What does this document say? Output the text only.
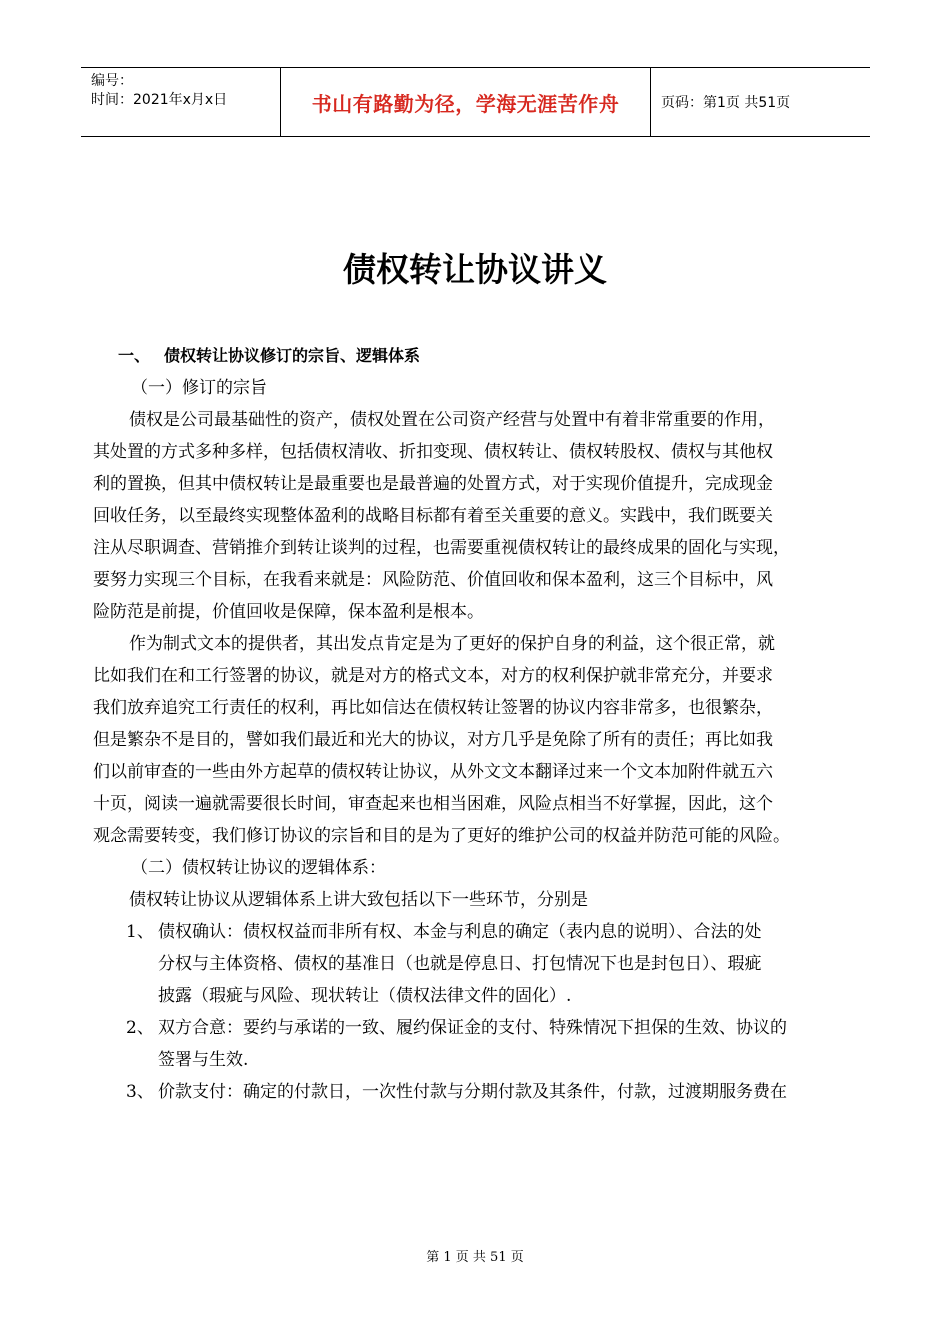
编号：
时间：2021年x月x日	书山有路勤为径，学海无涯苦作舟	页码：第1页 共51页
债权转让协议讲义
一、 债权转让协议修订的宗旨、逻辑体系
（一）修订的宗旨
债权是公司最基础性的资产，债权处置在公司资产经营与处置中有着非常重要的作用，
其处置的方式多种多样，包括债权清收、折扣变现、债权转让、债权转股权、债权与其他权
利的置换，但其中债权转让是最重要也是最普遍的处置方式，对于实现价值提升，完成现金
回收任务，以至最终实现整体盈利的战略目标都有着至关重要的意义。实践中，我们既要关
注从尽职调查、营销推介到转让谈判的过程，也需要重视债权转让的最终成果的固化与实现，
要努力实现三个目标，在我看来就是：风险防范、价值回收和保本盈利，这三个目标中，风
险防范是前提，价值回收是保障，保本盈利是根本。
作为制式文本的提供者，其出发点肯定是为了更好的保护自身的利益，这个很正常，就
比如我们在和工行签署的协议，就是对方的格式文本，对方的权利保护就非常充分，并要求
我们放弃追究工行责任的权利，再比如信达在债权转让签署的协议内容非常多，也很繁杂，
但是繁杂不是目的，譬如我们最近和光大的协议，对方几乎是免除了所有的责任；再比如我
们以前审查的一些由外方起草的债权转让协议，从外文文本翻译过来一个文本加附件就五六
十页，阅读一遍就需要很长时间，审查起来也相当困难，风险点相当不好掌握，因此，这个
观念需要转变，我们修订协议的宗旨和目的是为了更好的维护公司的权益并防范可能的风险。
（二）债权转让协议的逻辑体系：
债权转让协议从逻辑体系上讲大致包括以下一些环节，分别是
1、 债权确认：债权权益而非所有权、本金与利息的确定（表内息的说明）、合法的处
分权与主体资格、债权的基准日（也就是停息日、打包情况下也是封包日）、瑕疵
披露（瑕疵与风险、现状转让（债权法律文件的固化）.
2、 双方合意：要约与承诺的一致、履约保证金的支付、特殊情况下担保的生效、协议的
签署与生效.
3、 价款支付：确定的付款日，一次性付款与分期付款及其条件，付款，过渡期服务费在
第 1 页 共 51 页
